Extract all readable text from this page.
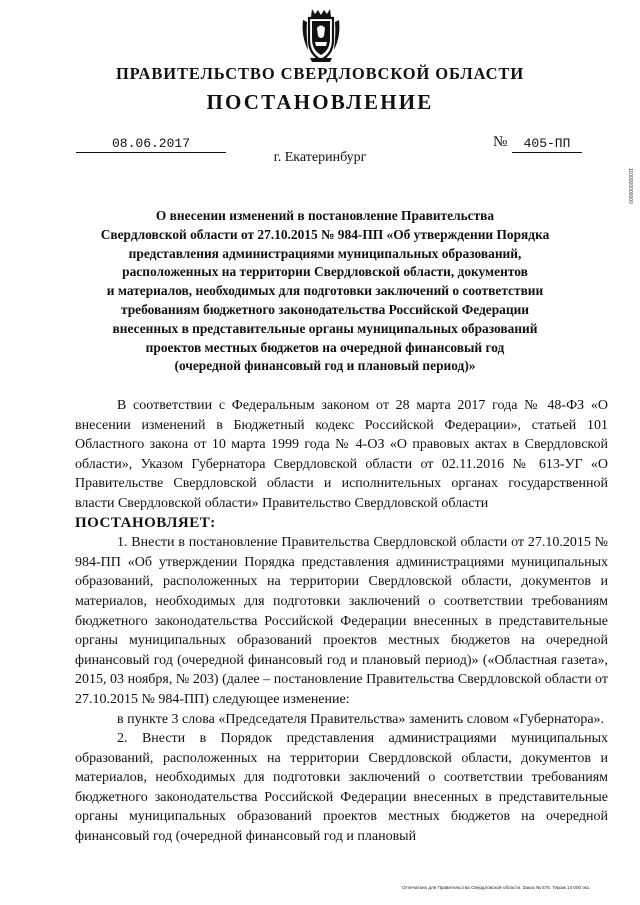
ПРАВИТЕЛЬСТВО СВЕРДЛОВСКОЙ ОБЛАСТИ
ПОСТАНОВЛЕНИЕ
08.06.2017	№	405-ПП
г. Екатеринбург
О внесении изменений в постановление Правительства
Свердловской области от 27.10.2015 № 984-ПП «Об утверждении Порядка
представления администрациями муниципальных образований,
расположенных на территории Свердловской области, документов
и материалов, необходимых для подготовки заключений о соответствии
требованиям бюджетного законодательства Российской Федерации
внесенных в представительные органы муниципальных образований
проектов местных бюджетов на очередной финансовый год
(очередной финансовый год и плановый период)»

В соответствии с Федеральным законом от 28 марта 2017 года № 48-ФЗ «О внесении изменений в Бюджетный кодекс Российской Федерации», статьей 101 Областного закона от 10 марта 1999 года № 4-ОЗ «О правовых актах в Свердловской области», Указом Губернатора Свердловской области от 02.11.2016 № 613-УГ «О Правительстве Свердловской области и исполнительных органах государственной власти Свердловской области» Правительство Свердловской области

ПОСТАНОВЛЯЕТ:

1. Внести в постановление Правительства Свердловской области от 27.10.2015 № 984-ПП «Об утверждении Порядка представления администрациями муниципальных образований, расположенных на территории Свердловской области, документов и материалов, необходимых для подготовки заключений о соответствии требованиям бюджетного законодательства Российской Федерации внесенных в представительные органы муниципальных образований проектов местных бюджетов на очередной финансовый год (очередной финансовый год и плановый период)» («Областная газета», 2015, 03 ноября, № 203) (далее – постановление Правительства Свердловской области от 27.10.2015 № 984-ПП) следующее изменение:

в пункте 3 слова «Председателя Правительства» заменить словом «Губернатора».

2. Внести в Порядок представления администрациями муниципальных образований, расположенных на территории Свердловской области, документов и материалов, необходимых для подготовки заключений о соответствии требованиям бюджетного законодательства Российской Федерации внесенных в представительные органы муниципальных образований проектов местных бюджетов на очередной финансовый год (очередной финансовый год и плановый

Отпечатано для Правительства Свердловской области. Заказ № 575. Тираж 14 000 экз.
1100000000000
